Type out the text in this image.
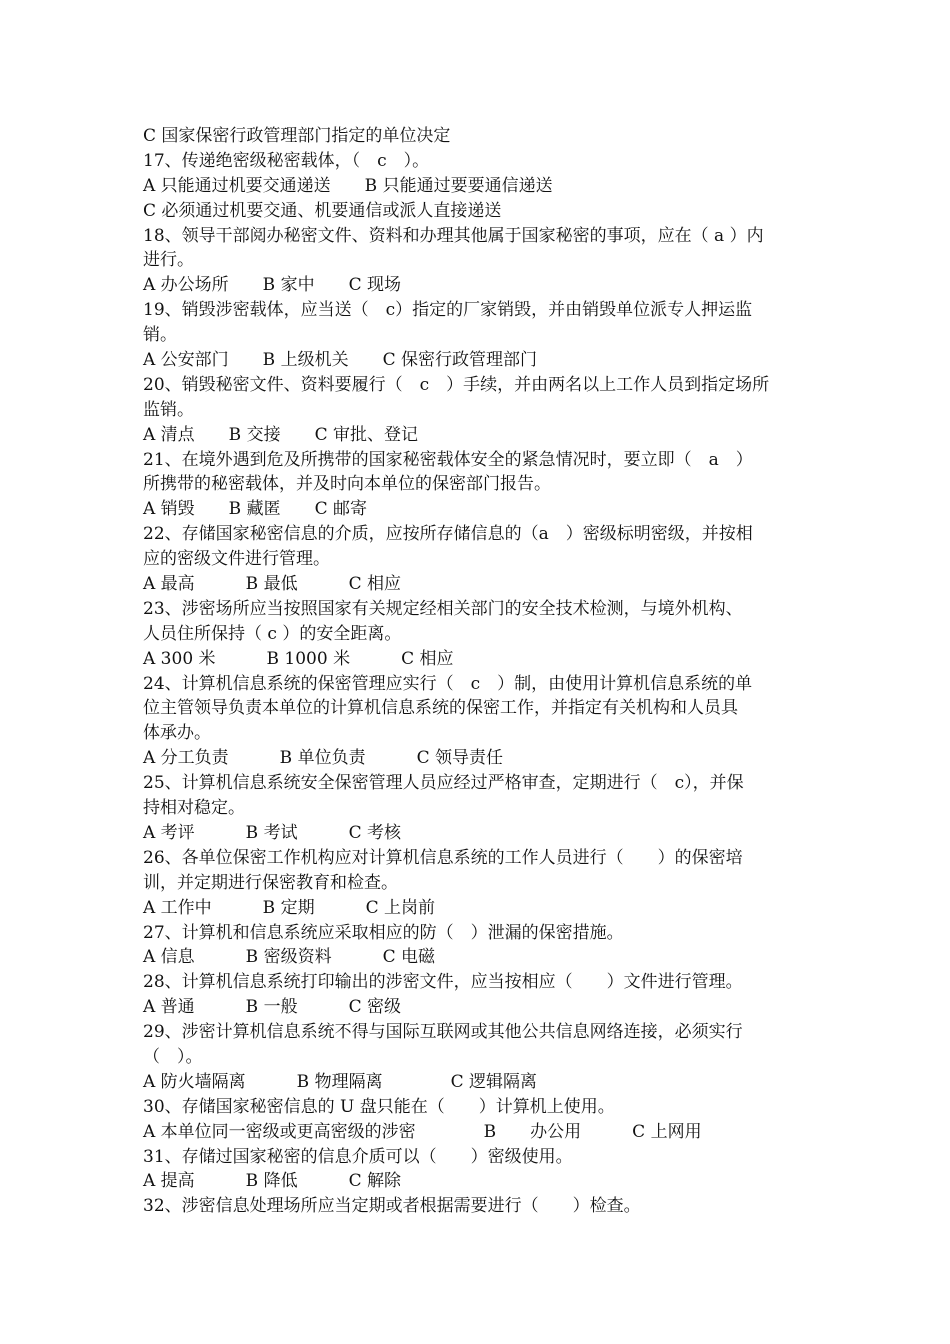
C 国家保密行政管理部门指定的单位决定
17、传递绝密级秘密载体，（　c　）。
A 只能通过机要交通递送　　B 只能通过要要通信递送
C 必须通过机要交通、机要通信或派人直接递送
18、领导干部阅办秘密文件、资料和办理其他属于国家秘密的事项，应在（ a ）内
进行。
A 办公场所　　B 家中　　C 现场
19、销毁涉密载体，应当送（　c）指定的厂家销毁，并由销毁单位派专人押运监
销。
A 公安部门　　B 上级机关　　C 保密行政管理部门
20、销毁秘密文件、资料要履行（　c　）手续，并由两名以上工作人员到指定场所
监销。
A 清点　　B 交接　　C 审批、登记
21、在境外遇到危及所携带的国家秘密载体安全的紧急情况时，要立即（　a　）
所携带的秘密载体，并及时向本单位的保密部门报告。
A 销毁　　B 藏匿　　C 邮寄
22、存储国家秘密信息的介质，应按所存储信息的（a　）密级标明密级，并按相
应的密级文件进行管理。
A 最高　　　B 最低　　　C 相应
23、涉密场所应当按照国家有关规定经相关部门的安全技术检测，与境外机构、
人员住所保持（ c ）的安全距离。
A 300 米　　　B 1000 米　　　C 相应
24、计算机信息系统的保密管理应实行（　c　）制，由使用计算机信息系统的单
位主管领导负责本单位的计算机信息系统的保密工作，并指定有关机构和人员具
体承办。
A 分工负责　　　B 单位负责　　　C 领导责任
25、计算机信息系统安全保密管理人员应经过严格审查，定期进行（　c），并保
持相对稳定。
A 考评　　　B 考试　　　C 考核
26、各单位保密工作机构应对计算机信息系统的工作人员进行（　　）的保密培
训，并定期进行保密教育和检查。
A 工作中　　　B 定期　　　C 上岗前
27、计算机和信息系统应采取相应的防（　）泄漏的保密措施。
A 信息　　　B 密级资料　　　C 电磁
28、计算机信息系统打印输出的涉密文件，应当按相应（　　）文件进行管理。
A 普通　　　B 一般　　　C 密级
29、涉密计算机信息系统不得与国际互联网或其他公共信息网络连接，必须实行
（　）。
A 防火墙隔离　　　B 物理隔离　　　　C 逻辑隔离
30、存储国家秘密信息的 U 盘只能在（　　）计算机上使用。
A 本单位同一密级或更高密级的涉密　　　　B　　办公用　　　C 上网用
31、存储过国家秘密的信息介质可以（　　）密级使用。
A 提高　　　B 降低　　　C 解除
32、涉密信息处理场所应当定期或者根据需要进行（　　）检查。
